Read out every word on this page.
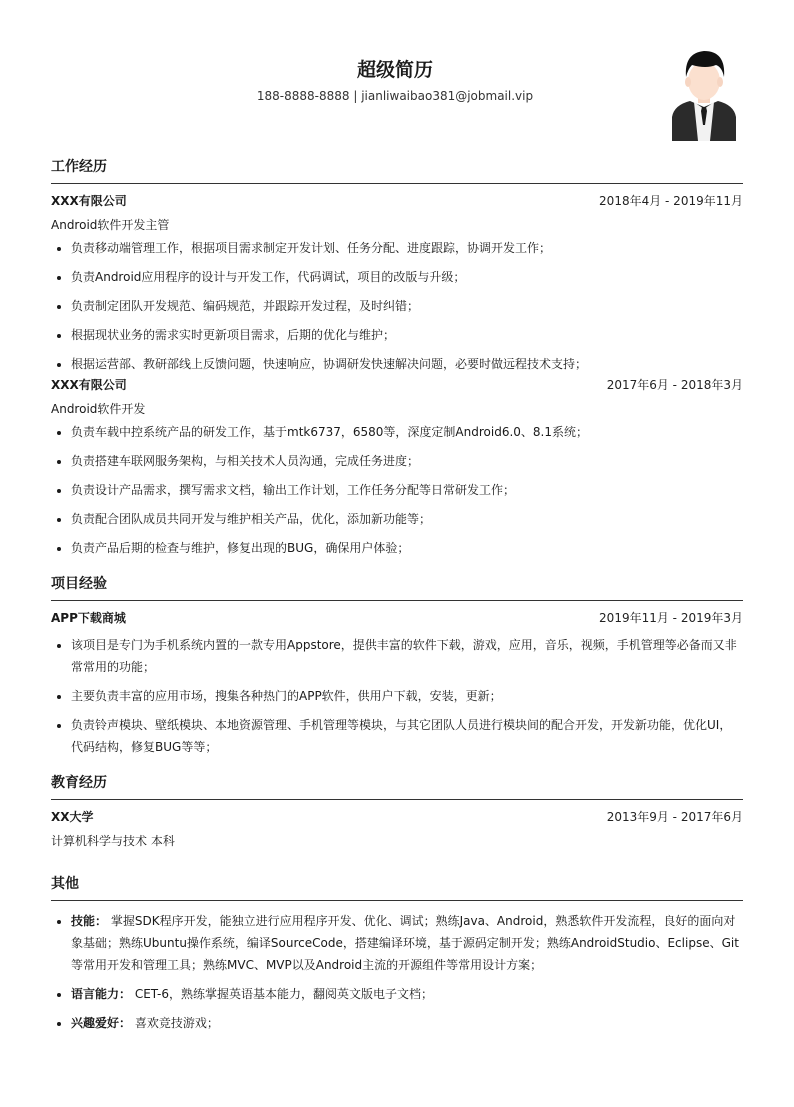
超级简历
188-8888-8888 | jianliwaibao381@jobmail.vip
工作经历
XXX有限公司	2018年4月 - 2019年11月
Android软件开发主管
• 负责移动端管理工作，根据项目需求制定开发计划、任务分配、进度跟踪，协调开发工作；
• 负责Android应用程序的设计与开发工作，代码调试，项目的改版与升级；
• 负责制定团队开发规范、编码规范，并跟踪开发过程，及时纠错；
• 根据现状业务的需求实时更新项目需求，后期的优化与维护；
• 根据运营部、教研部线上反馈问题，快速响应，协调研发快速解决问题，必要时做远程技术支持；
XXX有限公司	2017年6月 - 2018年3月
Android软件开发
• 负责车载中控系统产品的研发工作，基于mtk6737，6580等，深度定制Android6.0、8.1系统；
• 负责搭建车联网服务架构，与相关技术人员沟通，完成任务进度；
• 负责设计产品需求，撰写需求文档，输出工作计划，工作任务分配等日常研发工作；
• 负责配合团队成员共同开发与维护相关产品，优化，添加新功能等；
• 负责产品后期的检查与维护，修复出现的BUG，确保用户体验；
项目经验
APP下载商城	2019年11月 - 2019年3月
• 该项目是专门为手机系统内置的一款专用Appstore，提供丰富的软件下载，游戏，应用，音乐，视频，手机管理等必备而又非常常用的功能；
• 主要负责丰富的应用市场，搜集各种热门的APP软件，供用户下载，安装，更新；
• 负责铃声模块、壁纸模块、本地资源管理、手机管理等模块，与其它团队人员进行模块间的配合开发，开发新功能，优化UI，代码结构，修复BUG等等；
教育经历
XX大学	2013年9月 - 2017年6月
计算机科学与技术 本科
其他
• 技能： 掌握SDK程序开发，能独立进行应用程序开发、优化、调试；熟练Java、Android，熟悉软件开发流程，良好的面向对象基础；熟练Ubuntu操作系统，编译SourceCode，搭建编译环境，基于源码定制开发；熟练AndroidStudio、Eclipse、Git等常用开发和管理工具；熟练MVC、MVP以及Android主流的开源组件等常用设计方案；
• 语言能力： CET-6，熟练掌握英语基本能力，翻阅英文版电子文档；
• 兴趣爱好： 喜欢竞技游戏；
